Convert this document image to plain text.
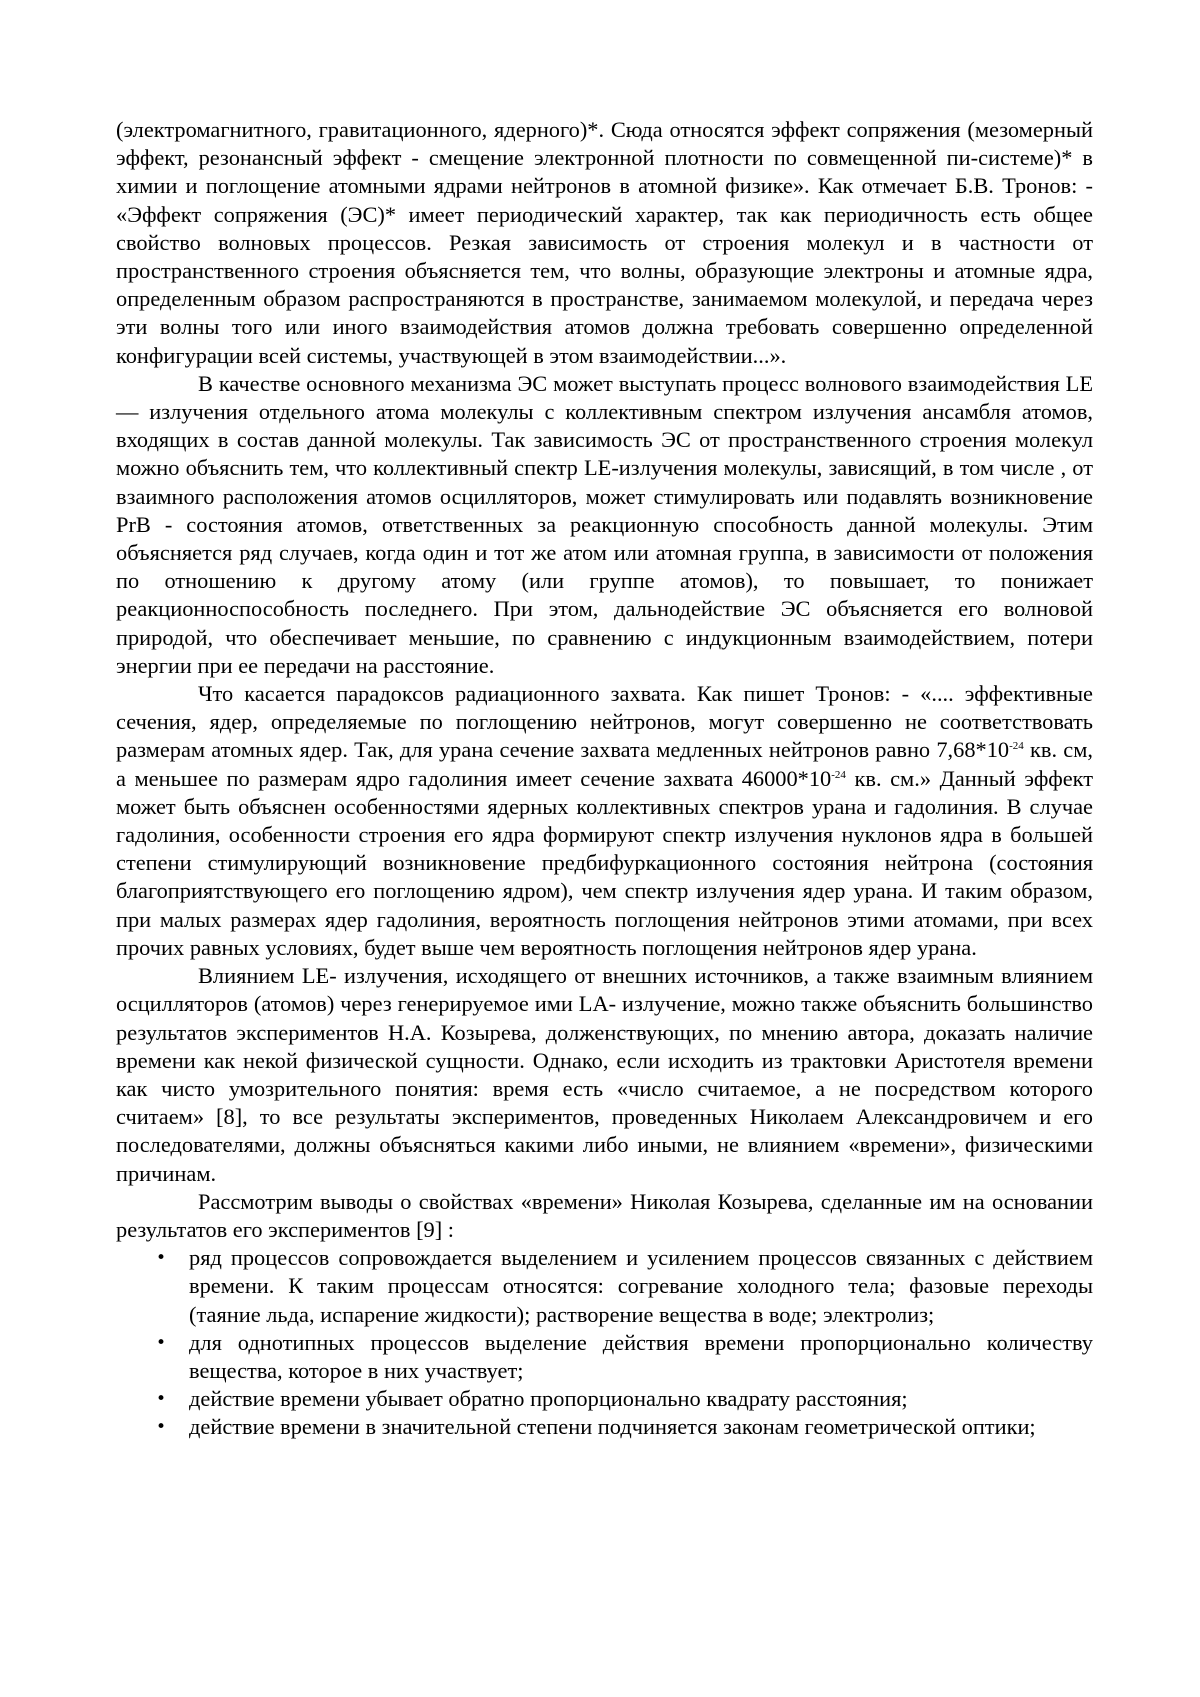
(электромагнитного, гравитационного, ядерного)*. Сюда относятся эффект сопряжения (мезомерный эффект, резонансный эффект - смещение электронной плотности по совмещенной пи-системе)* в химии и поглощение атомными ядрами нейтронов в атомной физике». Как отмечает Б.В. Тронов: - «Эффект сопряжения (ЭС)* имеет периодический характер, так как периодичность есть общее свойство волновых процессов. Резкая зависимость от строения молекул и в частности от пространственного строения объясняется тем, что волны, образующие электроны и атомные ядра, определенным образом распространяются в пространстве, занимаемом молекулой, и передача через эти волны того или иного взаимодействия атомов должна требовать совершенно определенной конфигурации всей системы, участвующей в этом взаимодействии...».

В качестве основного механизма ЭС может выступать процесс волнового взаимодействия LE — излучения отдельного атома молекулы с коллективным спектром излучения ансамбля атомов, входящих в состав данной молекулы. Так зависимость ЭС от пространственного строения молекул можно объяснить тем, что коллективный спектр LE-излучения молекулы, зависящий, в том числе , от взаимного расположения атомов осцилляторов, может стимулировать или подавлять возникновение PrB - состояния атомов, ответственных за реакционную способность данной молекулы. Этим объясняется ряд случаев, когда один и тот же атом или атомная группа, в зависимости от положения по отношению к другому атому (или группе атомов), то повышает, то понижает реакционноспособность последнего. При этом, дальнодействие ЭС объясняется его волновой природой, что обеспечивает меньшие, по сравнению с индукционным взаимодействием, потери энергии при ее передачи на расстояние.

Что касается парадоксов радиационного захвата. Как пишет Тронов: - «.... эффективные сечения, ядер, определяемые по поглощению нейтронов, могут совершенно не соответствовать размерам атомных ядер. Так, для урана сечение захвата медленных нейтронов равно $7,68*10^{-24}$ кв. см, а меньшее по размерам ядро гадолиния имеет сечение захвата $46000*10^{-24}$ кв. см.» Данный эффект может быть объяснен особенностями ядерных коллективных спектров урана и гадолиния. В случае гадолиния, особенности строения его ядра формируют спектр излучения нуклонов ядра в большей степени стимулирующий возникновение предбифуркационного состояния нейтрона (состояния благоприятствующего его поглощению ядром), чем спектр излучения ядер урана. И таким образом, при малых размерах ядер гадолиния, вероятность поглощения нейтронов этими атомами, при всех прочих равных условиях, будет выше чем вероятность поглощения нейтронов ядер урана.

Влиянием LE- излучения, исходящего от внешних источников, а также взаимным влиянием осцилляторов (атомов) через генерируемое ими LA- излучение, можно также объяснить большинство результатов экспериментов Н.А. Козырева, долженствующих, по мнению автора, доказать наличие времени как некой физической сущности. Однако, если исходить из трактовки Аристотеля времени как чисто умозрительного понятия: время есть «число считаемое, а не посредством которого считаем» [8], то все результаты экспериментов, проведенных Николаем Александровичем и его последователями, должны объясняться какими либо иными, не влиянием «времени», физическими причинам.

Рассмотрим выводы о свойствах «времени» Николая Козырева, сделанные им на основании результатов его экспериментов [9] :

• ряд процессов сопровождается выделением и усилением процессов связанных с действием времени. К таким процессам относятся: согревание холодного тела; фазовые переходы (таяние льда, испарение жидкости); растворение вещества в воде; электролиз;
• для однотипных процессов выделение действия времени пропорционально количеству вещества, которое в них участвует;
• действие времени убывает обратно пропорционально квадрату расстояния;
• действие времени в значительной степени подчиняется законам геометрической оптики;
